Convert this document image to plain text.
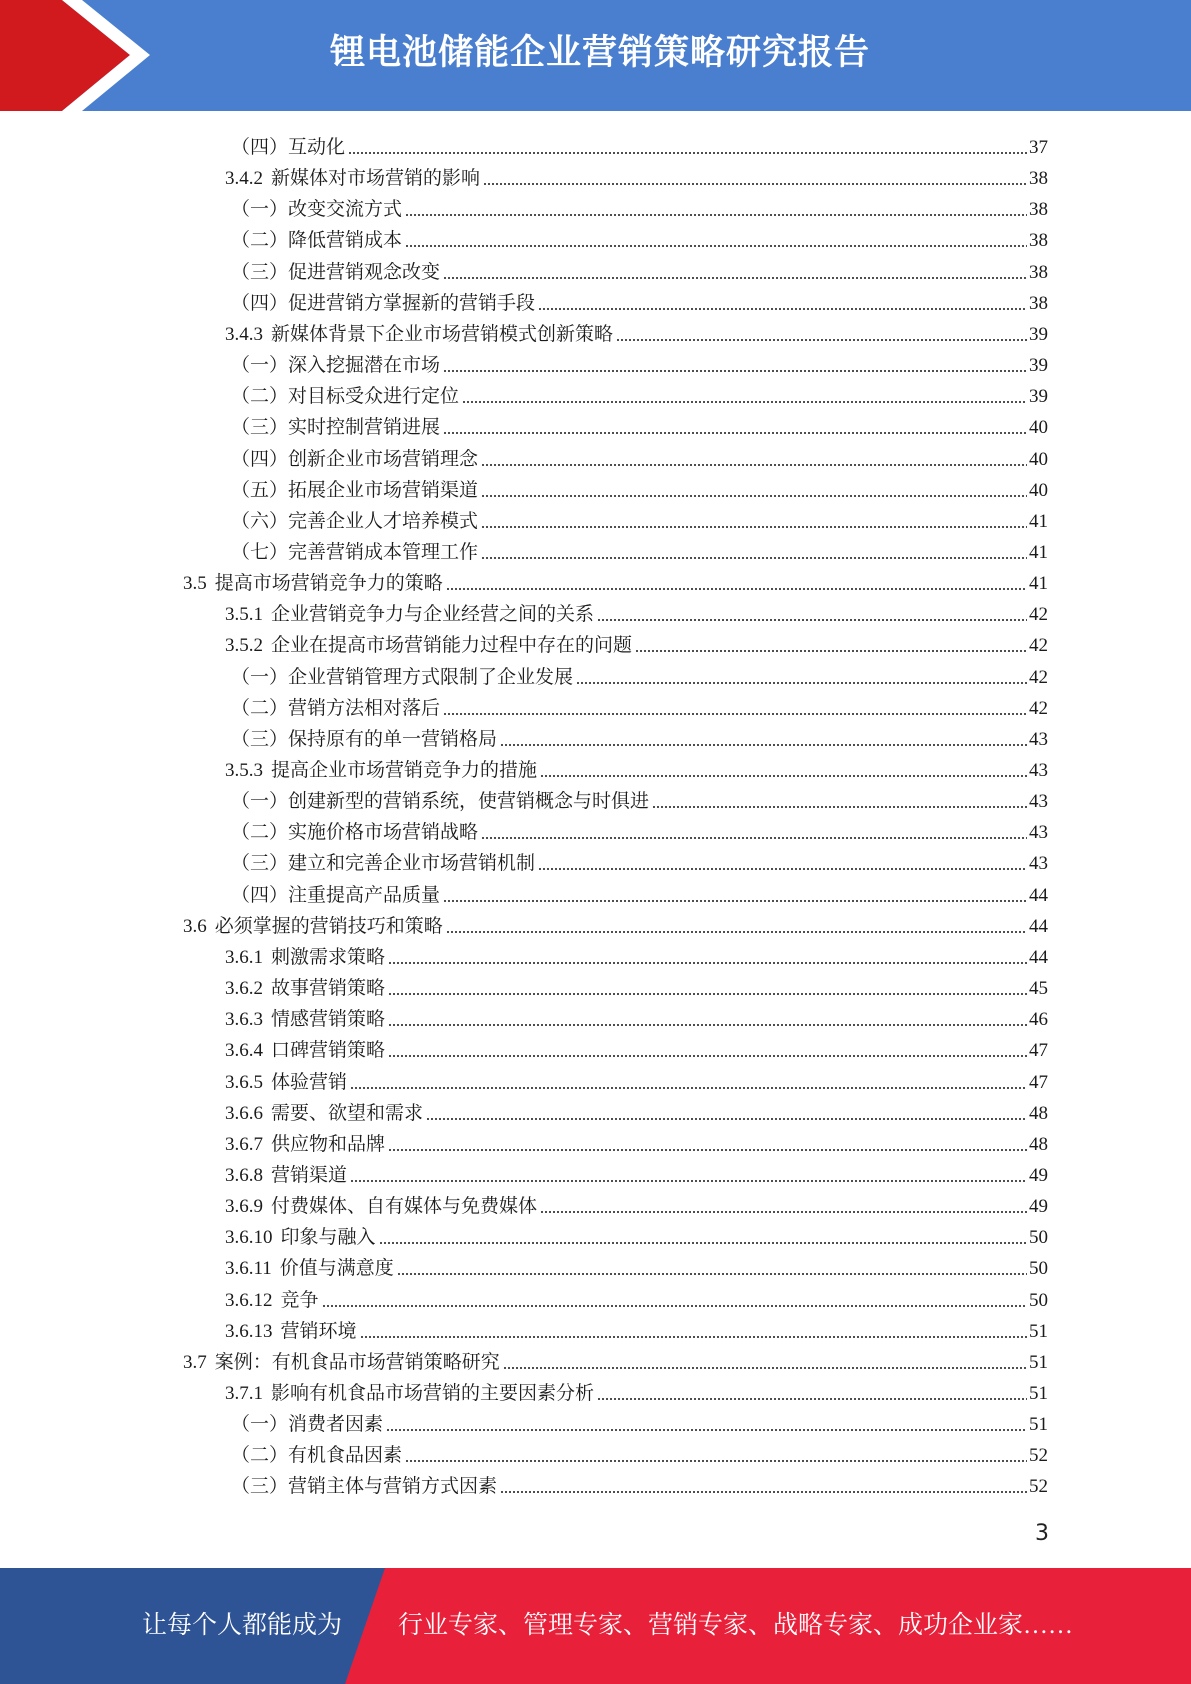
锂电池储能企业营销策略研究报告
（四）互动化	37
3.4.2 新媒体对市场营销的影响	38
（一）改变交流方式	38
（二）降低营销成本	38
（三）促进营销观念改变	38
（四）促进营销方掌握新的营销手段	38
3.4.3 新媒体背景下企业市场营销模式创新策略	39
（一）深入挖掘潜在市场	39
（二）对目标受众进行定位	39
（三）实时控制营销进展	40
（四）创新企业市场营销理念	40
（五）拓展企业市场营销渠道	40
（六）完善企业人才培养模式	41
（七）完善营销成本管理工作	41
3.5 提高市场营销竞争力的策略	41
3.5.1 企业营销竞争力与企业经营之间的关系	42
3.5.2 企业在提高市场营销能力过程中存在的问题	42
（一）企业营销管理方式限制了企业发展	42
（二）营销方法相对落后	42
（三）保持原有的单一营销格局	43
3.5.3 提高企业市场营销竞争力的措施	43
（一）创建新型的营销系统，使营销概念与时俱进	43
（二）实施价格市场营销战略	43
（三）建立和完善企业市场营销机制	43
（四）注重提高产品质量	44
3.6 必须掌握的营销技巧和策略	44
3.6.1 刺激需求策略	44
3.6.2 故事营销策略	45
3.6.3 情感营销策略	46
3.6.4 口碑营销策略	47
3.6.5 体验营销	47
3.6.6 需要、欲望和需求	48
3.6.7 供应物和品牌	48
3.6.8 营销渠道	49
3.6.9 付费媒体、自有媒体与免费媒体	49
3.6.10 印象与融入	50
3.6.11 价值与满意度	50
3.6.12 竞争	50
3.6.13 营销环境	51
3.7 案例：有机食品市场营销策略研究	51
3.7.1 影响有机食品市场营销的主要因素分析	51
（一）消费者因素	51
（二）有机食品因素	52
（三）营销主体与营销方式因素	52
3
让每个人都能成为 行业专家、管理专家、营销专家、战略专家、成功企业家……
